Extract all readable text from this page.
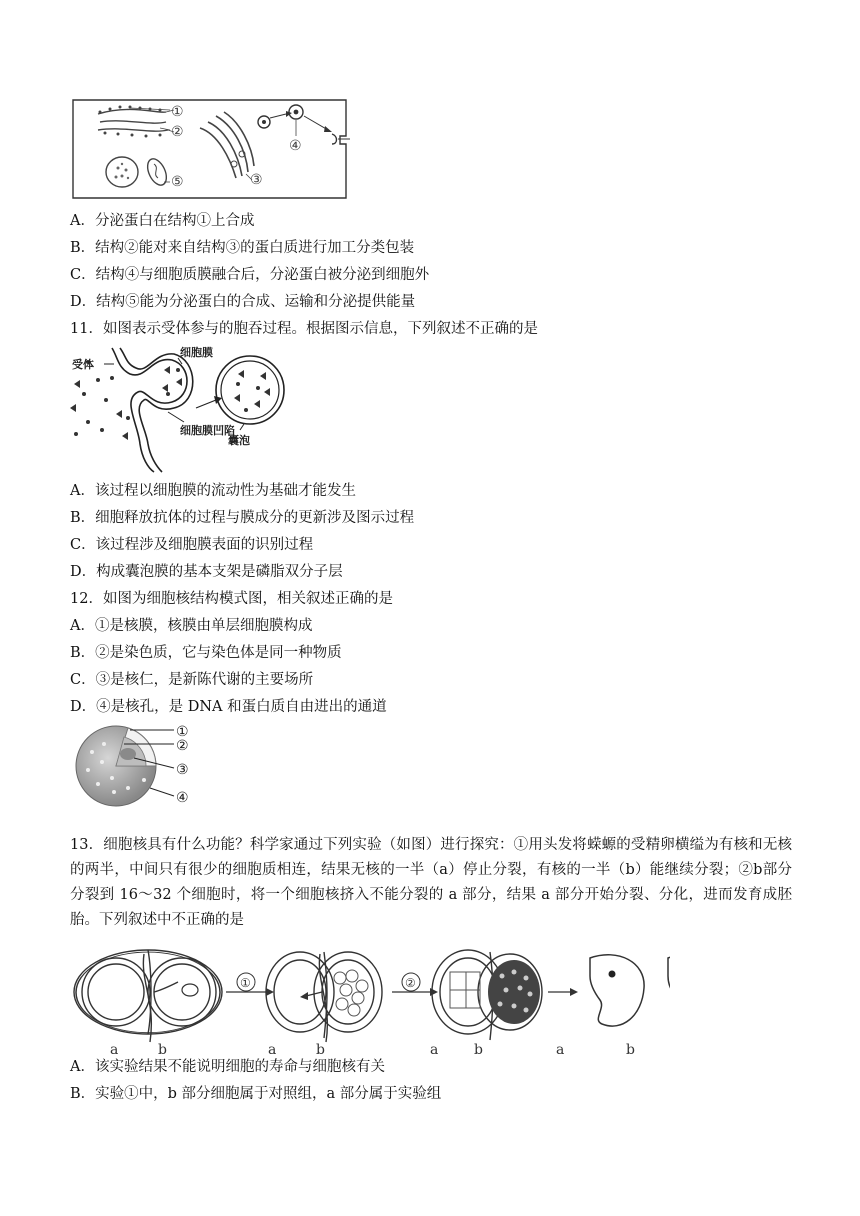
①
②
③
④
⑤
A．分泌蛋白在结构①上合成
B．结构②能对来自结构③的蛋白质进行加工分类包装
C．结构④与细胞质膜融合后，分泌蛋白被分泌到细胞外
D．结构⑤能为分泌蛋白的合成、运输和分泌提供能量
11．如图表示受体参与的胞吞过程。根据图示信息，下列叙述不正确的是
受体
细胞膜
细胞膜凹陷
囊泡
A．该过程以细胞膜的流动性为基础才能发生
B．细胞释放抗体的过程与膜成分的更新涉及图示过程
C．该过程涉及细胞膜表面的识别过程
D．构成囊泡膜的基本支架是磷脂双分子层
12．如图为细胞核结构模式图，相关叙述正确的是
A．①是核膜，核膜由单层细胞膜构成
B．②是染色质，它与染色体是同一种物质
C．③是核仁，是新陈代谢的主要场所
D．④是核孔，是 DNA 和蛋白质自由进出的通道
①
②
③
④
13．细胞核具有什么功能？科学家通过下列实验（如图）进行探究：①用头发将蝾螈的受精卵横缢为有核和无核的两半，中间只有很少的细胞质相连，结果无核的一半（a）停止分裂，有核的一半（b）能继续分裂；②b部分分裂到 16～32 个细胞时，将一个细胞核挤入不能分裂的 a 部分，结果 a 部分开始分裂、分化，进而发育成胚胎。下列叙述中不正确的是
①	②
a	b	a	b	a	b	a	b
A．该实验结果不能说明细胞的寿命与细胞核有关
B．实验①中，b 部分细胞属于对照组，a 部分属于实验组
